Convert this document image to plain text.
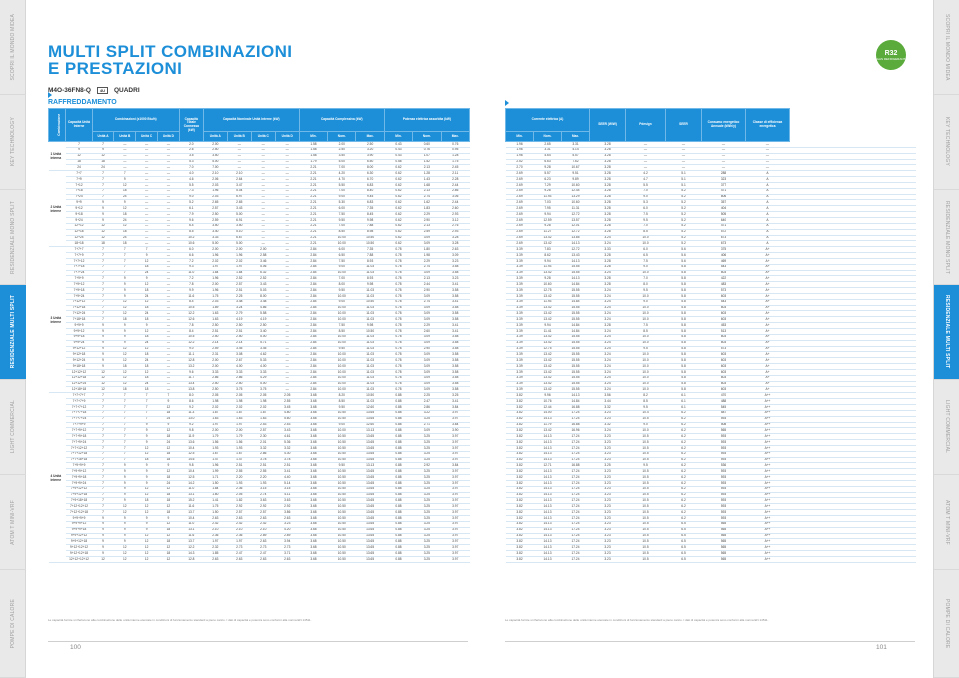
SCOPRI IL MONDO MIDEA
KEY TECHNOLOGY
RESIDENZIALE MONO SPLIT
RESIDENZIALE MULTI SPLIT
LIGHT COMMERCIAL
ATOM T MINI-VRF
POMPE DI CALORE
SCOPRI IL MONDO MIDEA
KEY TECHNOLOGY
RESIDENZIALE MONO SPLIT
RESIDENZIALE MULTI SPLIT
LIGHT COMMERCIAL
ATOM T MINI-VRF
POMPE DI CALORE
MULTI SPLIT COMBINAZIONI
E PRESTAZIONI
M4O-36FN8-Q	4U	QUADRI
RAFFREDDAMENTO
R32
GAS REFRIGERANT
Combinazione	Capacità Unità Interne	Combinazioni (x1000 Btu/h)				Capacità Totale Connessa (kW)	Capacità Nominale Unità Interne (kW)				Capacità Complessiva (kW)			Potenza elettrica assorbita (kW)		
		Unità A	Unità B	Unità C	Unità D		Unità A	Unità B	Unità C	Unità D	Min.	Nom.	Max.	Min.	Nom.	Max.
1 Unità interna	7	7	—	—	—	2.0	2.00	—	—	—	1.58	2.00	2.50	0.43	0.60	0.76
	9	9	—	—	—	2.6	2.50	—	—	—	1.58	2.50	3.20	0.43	0.76	0.95
	12	12	—	—	—	3.5	3.50	—	—	—	1.58	3.50	3.90	0.43	1.07	1.28
	18	18	—	—	—	5.3	5.00	—	—	—	1.79	5.00	6.50	0.58	1.52	1.75
	24	24	—	—	—	7.0	7.00	—	—	—	2.21	7.00	8.00	0.62	2.13	2.45
2 Unità interne	7+7	7	7	—	—	4.0	2.10	2.10	—	—	2.21	4.20	6.30	0.62	1.28	2.11
	7+9	7	9	—	—	4.6	2.06	2.64	—	—	2.21	4.70	6.70	0.62	1.43	2.28
	7+12	7	12	—	—	5.5	2.03	3.47	—	—	2.21	5.50	6.83	0.62	1.68	2.44
	7+18	7	18	—	—	7.3	1.96	5.04	—	—	2.21	7.00	8.40	0.62	2.13	2.86
	7+24	7	24	—	—	9.0	2.03	6.97	—	—	2.21	9.00	9.45	0.62	2.74	3.06
	9+9	9	9	—	—	5.2	2.65	2.65	—	—	2.21	5.30	6.83	0.62	1.62	2.44
	9+12	9	12	—	—	6.1	2.57	3.43	—	—	2.21	6.00	7.35	0.62	1.83	2.60
	9+18	9	18	—	—	7.9	2.50	5.00	—	—	2.21	7.50	8.45	0.62	2.29	2.93
	9+24	9	24	—	—	9.6	2.59	6.91	—	—	2.21	9.50	9.98	0.62	2.90	3.12
	12+12	12	12	—	—	6.4	3.50	3.50	—	—	2.21	7.00	7.88	0.62	2.13	2.76
	12+18	12	18	—	—	8.5	3.40	5.10	—	—	2.21	8.50	8.98	0.62	2.59	2.93
	12+24	12	24	—	—	10.2	3.33	6.67	—	—	2.21	10.00	10.50	0.62	3.09	3.28
	18+18	18	18	—	—	10.6	5.00	5.00	—	—	2.21	10.00	10.50	0.62	3.09	3.28
3 Unità interne	7+7+7	7	7	7	—	6.0	2.00	2.00	2.00	—	2.84	6.00	7.35	0.78	1.80	2.63
	7+7+9	7	7	9	—	6.6	1.96	1.96	2.58	—	2.84	6.50	7.88	0.78	1.98	3.09
	7+7+12	7	7	12	—	7.2	2.02	2.02	3.46	—	2.84	7.50	8.93	0.78	2.29	3.23
	7+7+18	7	7	18	—	9.3	1.97	1.97	5.06	—	2.84	9.00	11.03	0.78	2.74	3.58
	7+7+24	7	7	24	—	11.0	1.84	1.84	6.32	—	2.84	10.00	11.03	0.78	3.09	3.58
	7+9+9	7	9	9	—	7.2	1.96	2.52	2.52	—	2.84	7.00	8.93	0.78	2.13	3.23
	7+9+12	7	9	12	—	7.8	2.00	2.57	3.43	—	2.84	8.00	9.98	0.78	2.44	3.41
	7+9+18	7	9	18	—	9.9	1.96	2.51	5.03	—	2.84	9.50	11.03	0.78	2.90	3.58
	7+9+24	7	9	24	—	11.6	1.75	2.25	8.00	—	2.84	10.00	11.03	0.78	3.09	3.58
	7+12+12	7	12	12	—	8.4	2.03	3.48	3.48	—	2.84	9.00	10.50	0.78	2.74	3.41
	7+12+18	7	12	18	—	10.5	1.89	3.24	4.86	—	2.84	10.00	11.03	0.78	3.09	3.58
	7+12+24	7	12	24	—	12.2	1.63	2.79	5.58	—	2.84	10.00	11.03	0.78	3.09	3.58
	7+18+18	7	18	18	—	12.6	1.63	4.19	4.19	—	2.84	10.00	11.03	0.78	3.09	3.58
	9+9+9	9	9	9	—	7.8	2.50	2.50	2.50	—	2.84	7.50	9.98	0.78	2.29	3.41
	9+9+12	9	9	12	—	8.4	2.51	2.51	3.40	—	2.84	8.50	10.50	0.78	2.60	3.41
	9+9+18	9	9	18	—	10.5	2.50	2.50	5.00	—	2.84	10.00	11.03	0.78	3.09	3.58
	9+9+24	9	9	24	—	12.2	2.14	2.14	5.71	—	2.84	10.00	11.03	0.78	3.09	3.58
	9+12+12	9	12	12	—	9.0	2.59	3.45	3.45	—	2.84	9.50	11.03	0.78	2.90	3.58
	9+12+18	9	12	18	—	11.1	2.31	3.08	4.62	—	2.84	10.00	11.03	0.78	3.09	3.58
	9+12+24	9	12	24	—	12.8	2.00	2.67	5.33	—	2.84	10.00	11.03	0.78	3.09	3.58
	9+18+18	9	18	18	—	13.2	2.00	4.00	4.00	—	2.84	10.00	11.03	0.78	3.09	3.58
	12+12+12	12	12	12	—	9.6	3.33	3.33	3.33	—	2.84	10.00	11.03	0.78	3.09	3.58
	12+12+18	12	12	18	—	11.7	2.86	2.86	4.29	—	2.84	10.00	11.03	0.78	3.09	3.58
	12+12+24	12	12	24	—	13.4	2.50	2.50	5.00	—	2.84	10.00	11.03	0.78	3.09	3.58
	12+18+18	12	18	18	—	13.8	2.50	3.75	3.75	—	2.84	10.00	11.03	0.78	3.09	3.58
4 Unità interne	7+7+7+7	7	7	7	7	8.0	2.05	2.05	2.05	2.05	3.68	8.20	10.50	0.88	2.25	3.25
	7+7+7+9	7	7	7	9	8.6	1.98	1.98	1.98	2.55	3.68	8.50	11.03	0.88	2.47	3.41
	7+7+7+12	7	7	7	12	9.2	2.02	2.02	2.02	3.45	3.68	9.50	12.60	0.88	2.86	3.84
	7+7+7+18	7	7	7	18	11.3	1.87	1.87	1.87	4.80	3.68	10.50	13.65	0.88	3.22	3.97
	7+7+7+24	7	7	7	24	13.0	1.63	1.63	1.63	5.60	3.68	10.50	13.65	0.88	3.25	3.97
	7+7+9+9	7	7	9	9	9.2	1.97	1.97	2.53	2.53	3.68	9.00	12.60	0.88	2.71	3.84
	7+7+9+12	7	7	9	12	9.8	2.00	2.00	2.57	3.43	3.68	10.00	13.13	0.88	3.09	3.90
	7+7+9+18	7	7	9	18	11.9	1.79	1.79	2.30	4.61	3.68	10.50	13.65	0.88	3.25	3.97
	7+7+9+24	7	7	9	24	13.6	1.56	1.56	2.01	5.36	3.68	10.50	13.65	0.88	3.25	3.97
	7+7+12+12	7	7	12	12	10.4	1.93	1.93	3.32	3.32	3.68	10.50	13.65	0.88	3.25	3.97
	7+7+12+18	7	7	12	18	12.5	1.67	1.67	2.86	4.30	3.68	10.50	13.65	0.88	3.25	3.97
	7+7+18+18	7	7	18	18	14.6	1.47	1.47	3.78	3.78	3.68	10.50	13.65	0.88	3.25	3.97
	7+9+9+9	7	9	9	9	9.8	1.96	2.51	2.51	2.51	3.68	9.50	13.13	0.88	2.92	3.84
	7+9+9+12	7	9	9	12	10.4	1.99	2.55	2.55	3.41	3.68	10.50	13.65	0.88	3.25	3.97
	7+9+9+18	7	9	9	18	12.5	1.71	2.20	2.20	4.40	3.68	10.50	13.65	0.88	3.25	3.97
	7+9+9+24	7	9	9	24	14.2	1.50	1.93	1.93	5.14	3.68	10.50	13.65	0.88	3.25	3.97
	7+9+12+12	7	9	12	12	11.0	1.84	2.36	3.15	3.15	3.68	10.50	13.65	0.88	3.25	3.97
	7+9+12+18	7	9	12	18	13.1	1.60	2.05	2.74	4.11	3.68	10.50	13.65	0.88	3.25	3.97
	7+9+18+18	7	9	18	18	15.2	1.41	1.82	3.63	3.63	3.68	10.50	13.65	0.88	3.25	3.97
	7+12+12+12	7	12	12	12	11.6	1.75	2.92	2.92	2.92	3.68	10.50	13.65	0.88	3.25	3.97
	7+12+12+18	7	12	12	18	13.7	1.50	2.57	2.57	3.86	3.68	10.50	13.65	0.88	3.25	3.97
	9+9+9+9	9	9	9	9	10.4	2.63	2.63	2.63	2.63	3.68	10.50	13.65	0.88	3.25	3.97
	9+9+9+12	9	9	9	12	11.0	2.42	2.42	2.42	3.23	3.68	10.50	13.65	0.88	3.25	3.97
	9+9+9+18	9	9	9	18	13.1	2.10	2.10	2.10	4.20	3.68	10.50	13.65	0.88	3.25	3.97
	9+9+12+12	9	9	12	12	11.6	2.36	2.36	2.89	2.89	3.68	10.50	13.65	0.88	3.25	3.97
	9+9+12+18	9	9	12	18	13.7	1.97	1.97	2.63	3.94	3.68	10.50	13.65	0.88	3.25	3.97
	9+12+12+12	9	12	12	12	12.2	2.32	2.73	2.73	2.73	3.68	10.50	13.65	0.88	3.25	3.97
	9+12+12+18	9	12	12	18	14.3	1.85	2.47	2.47	3.71	3.68	10.50	13.65	0.88	3.25	3.97
	12+12+12+12	12	12	12	12	12.8	2.63	2.63	2.63	2.63	3.68	10.50	13.65	0.88	3.25	3.97
Corrente elettrica (A)			SEER (W/W)	Pdesign	SEER	Consumo energetico Annuale (kWh/y)	Classe di efficienza energetica	
Min.	Nom.	Max.						
1.96	2.65	3.31	3.28	—	—	—	—	
1.96	3.31	4.14	3.28	—	—	—	—	
1.96	4.64	5.57	3.28	—	—	—	—	
2.52	6.63	7.62	3.28	—	—	—	—	
2.70	9.28	10.67	3.28	—	—	—	—	
2.69	5.57	9.51	3.28	4.2	5.1	288	A	
2.69	6.23	9.89	3.28	4.7	5.1	323	A	
2.69	7.29	10.60	3.28	5.5	5.1	377	A	
2.69	9.28	12.44	3.28	7.0	5.2	471	A	
2.69	11.93	13.29	3.28	9.0	5.2	606	A	
2.69	7.03	10.60	3.28	5.3	5.2	357	A	
2.69	7.95	11.31	3.28	6.0	5.2	404	A	
2.69	9.94	12.72	3.28	7.5	5.2	505	A	
2.69	12.59	13.57	3.28	9.5	5.2	640	A	
2.69	9.28	12.01	3.28	7.0	5.2	471	A	
2.69	11.27	12.72	3.28	8.5	5.2	572	A	
2.69	13.42	13.85	3.24	10.0	5.2	673	A	
2.69	13.42	14.13	3.24	10.0	5.2	673	A	
3.39	7.83	12.72	3.33	6.0	5.6	375	A+	
3.39	8.62	13.43	3.28	6.5	5.6	406	A+	
3.39	9.94	14.13	3.28	7.5	5.6	469	A+	
3.39	11.93	15.55	3.28	9.0	5.8	543	A+	
3.39	13.42	15.55	3.24	10.0	5.8	603	A+	
3.39	9.28	14.13	3.28	7.0	5.8	422	A+	
3.39	10.60	14.84	3.28	8.0	5.8	483	A+	
3.39	12.75	15.55	3.24	9.5	5.8	573	A+	
3.39	13.42	15.55	3.24	10.0	5.8	603	A+	
3.39	11.93	14.84	3.24	9.0	5.8	543	A+	
3.39	13.42	15.55	3.24	10.0	5.8	603	A+	
3.39	13.42	15.55	3.24	10.0	5.8	603	A+	
3.39	13.42	15.55	3.24	10.0	5.8	603	A+	
3.39	9.94	14.84	3.28	7.5	5.8	453	A+	
3.39	11.41	14.84	3.24	8.5	5.8	513	A+	
3.39	13.42	15.55	3.24	10.0	5.8	603	A+	
3.39	13.42	15.55	3.24	10.0	5.8	603	A+	
3.39	12.75	15.55	3.24	9.5	5.8	573	A+	
3.39	13.42	15.55	3.24	10.0	5.8	603	A+	
3.39	13.42	15.55	3.24	10.0	5.8	603	A+	
3.39	13.42	15.55	3.24	10.0	5.8	603	A+	
3.39	13.42	15.55	3.24	10.0	5.8	603	A+	
3.39	13.42	15.55	3.24	10.0	5.8	603	A+	
3.39	13.42	15.55	3.24	10.0	5.8	603	A+	
3.39	13.42	15.55	3.24	10.0	5.8	603	A+	
3.82	9.96	14.13	3.56	8.2	6.1	470	A++	
3.82	10.76	14.84	3.44	8.5	6.1	488	A++	
3.82	12.44	16.88	3.32	9.5	6.1	545	A++	
3.82	14.00	17.24	3.23	10.4	6.2	587	A++	
3.82	14.13	17.24	3.23	10.5	6.2	593	A++	
3.82	11.79	16.88	3.32	9.0	6.2	508	A++	
3.82	13.42	16.96	3.24	10.0	6.2	565	A++	
3.82	14.13	17.24	3.23	10.5	6.2	593	A++	
3.82	14.13	17.24	3.23	10.5	6.2	593	A++	
3.82	14.13	17.24	3.23	10.5	6.2	593	A++	
3.82	14.13	17.24	3.23	10.5	6.2	593	A++	
3.82	14.13	17.24	3.23	10.5	6.2	593	A++	
3.82	12.71	16.88	3.25	9.5	6.2	536	A++	
3.82	14.13	17.24	3.23	10.5	6.2	593	A++	
3.82	14.13	17.24	3.23	10.5	6.2	593	A++	
3.82	14.13	17.24	3.23	10.5	6.2	593	A++	
3.82	14.13	17.24	3.23	10.5	6.2	593	A++	
3.82	14.13	17.24	3.23	10.5	6.2	593	A++	
3.82	14.13	17.24	3.23	10.5	6.2	593	A++	
3.82	14.13	17.24	3.23	10.5	6.2	593	A++	
3.82	14.13	17.24	3.23	10.5	6.2	593	A++	
3.82	14.13	17.24	3.23	10.5	6.2	593	A++	
3.82	14.13	17.24	3.23	10.5	6.5	565	A++	
3.82	14.13	17.24	3.23	10.5	6.5	565	A++	
3.82	14.13	17.24	3.23	10.5	6.5	565	A++	
3.82	14.13	17.24	3.23	10.5	6.5	565	A++	
3.82	14.13	17.24	3.23	10.5	6.5	565	A++	
3.82	14.13	17.24	3.23	10.5	6.5	565	A++	
3.82	14.13	17.24	3.23	10.5	6.5	565	A++	
Le capacità fornite si riferiscono alla combinazione delle unità interne elencate in condizioni di funzionamento standard a pieno carico. I dati di capacità e potenza sono conformi alla norma EN 14511.	Le capacità fornite si riferiscono alla combinazione delle unità interne elencate in condizioni di funzionamento standard a pieno carico. I dati di capacità e potenza sono conformi alla norma EN 14511.
100	101
